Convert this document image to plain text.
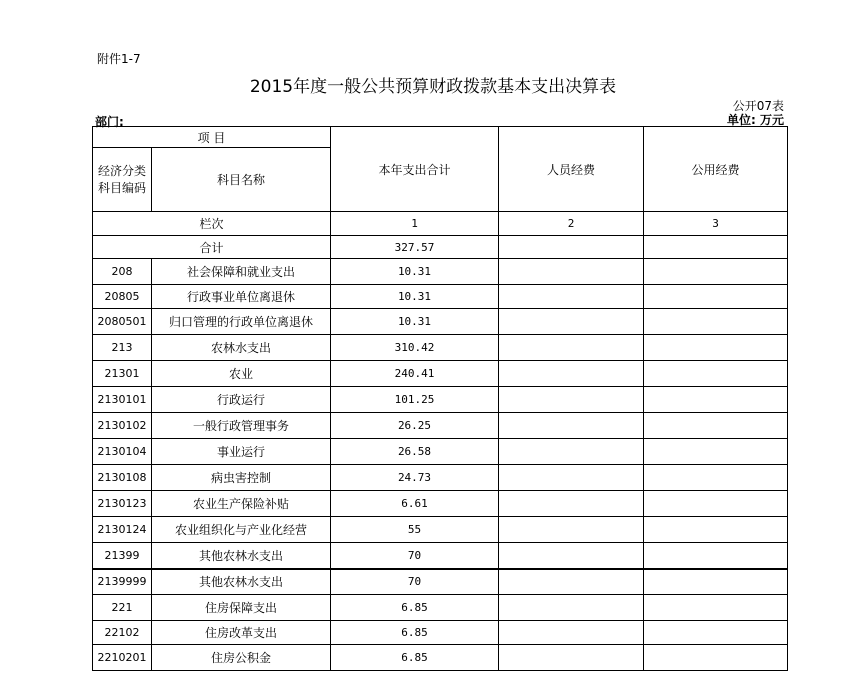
附件1-7
2015年度一般公共预算财政拨款基本支出决算表
公开07表
单位: 万元
部门:
项 目		本年支出合计	人员经费	公用经费	

经济分类
科目编码	科目名称				
栏次		1	2	3	
合计		327.57			
208	社会保障和就业支出	10.31			
20805	行政事业单位离退休	10.31			
2080501	归口管理的行政单位离退休	10.31			
213	农林水支出	310.42			
21301	农业	240.41			
2130101	行政运行	101.25			
2130102	一般行政管理事务	26.25			
2130104	事业运行	26.58			
2130108	病虫害控制	24.73			
2130123	农业生产保险补贴	6.61			
2130124	农业组织化与产业化经营	55			
21399	其他农林水支出	70			
2139999	其他农林水支出	70			
221	住房保障支出	6.85			
22102	住房改革支出	6.85			
2210201	住房公积金	6.85			
